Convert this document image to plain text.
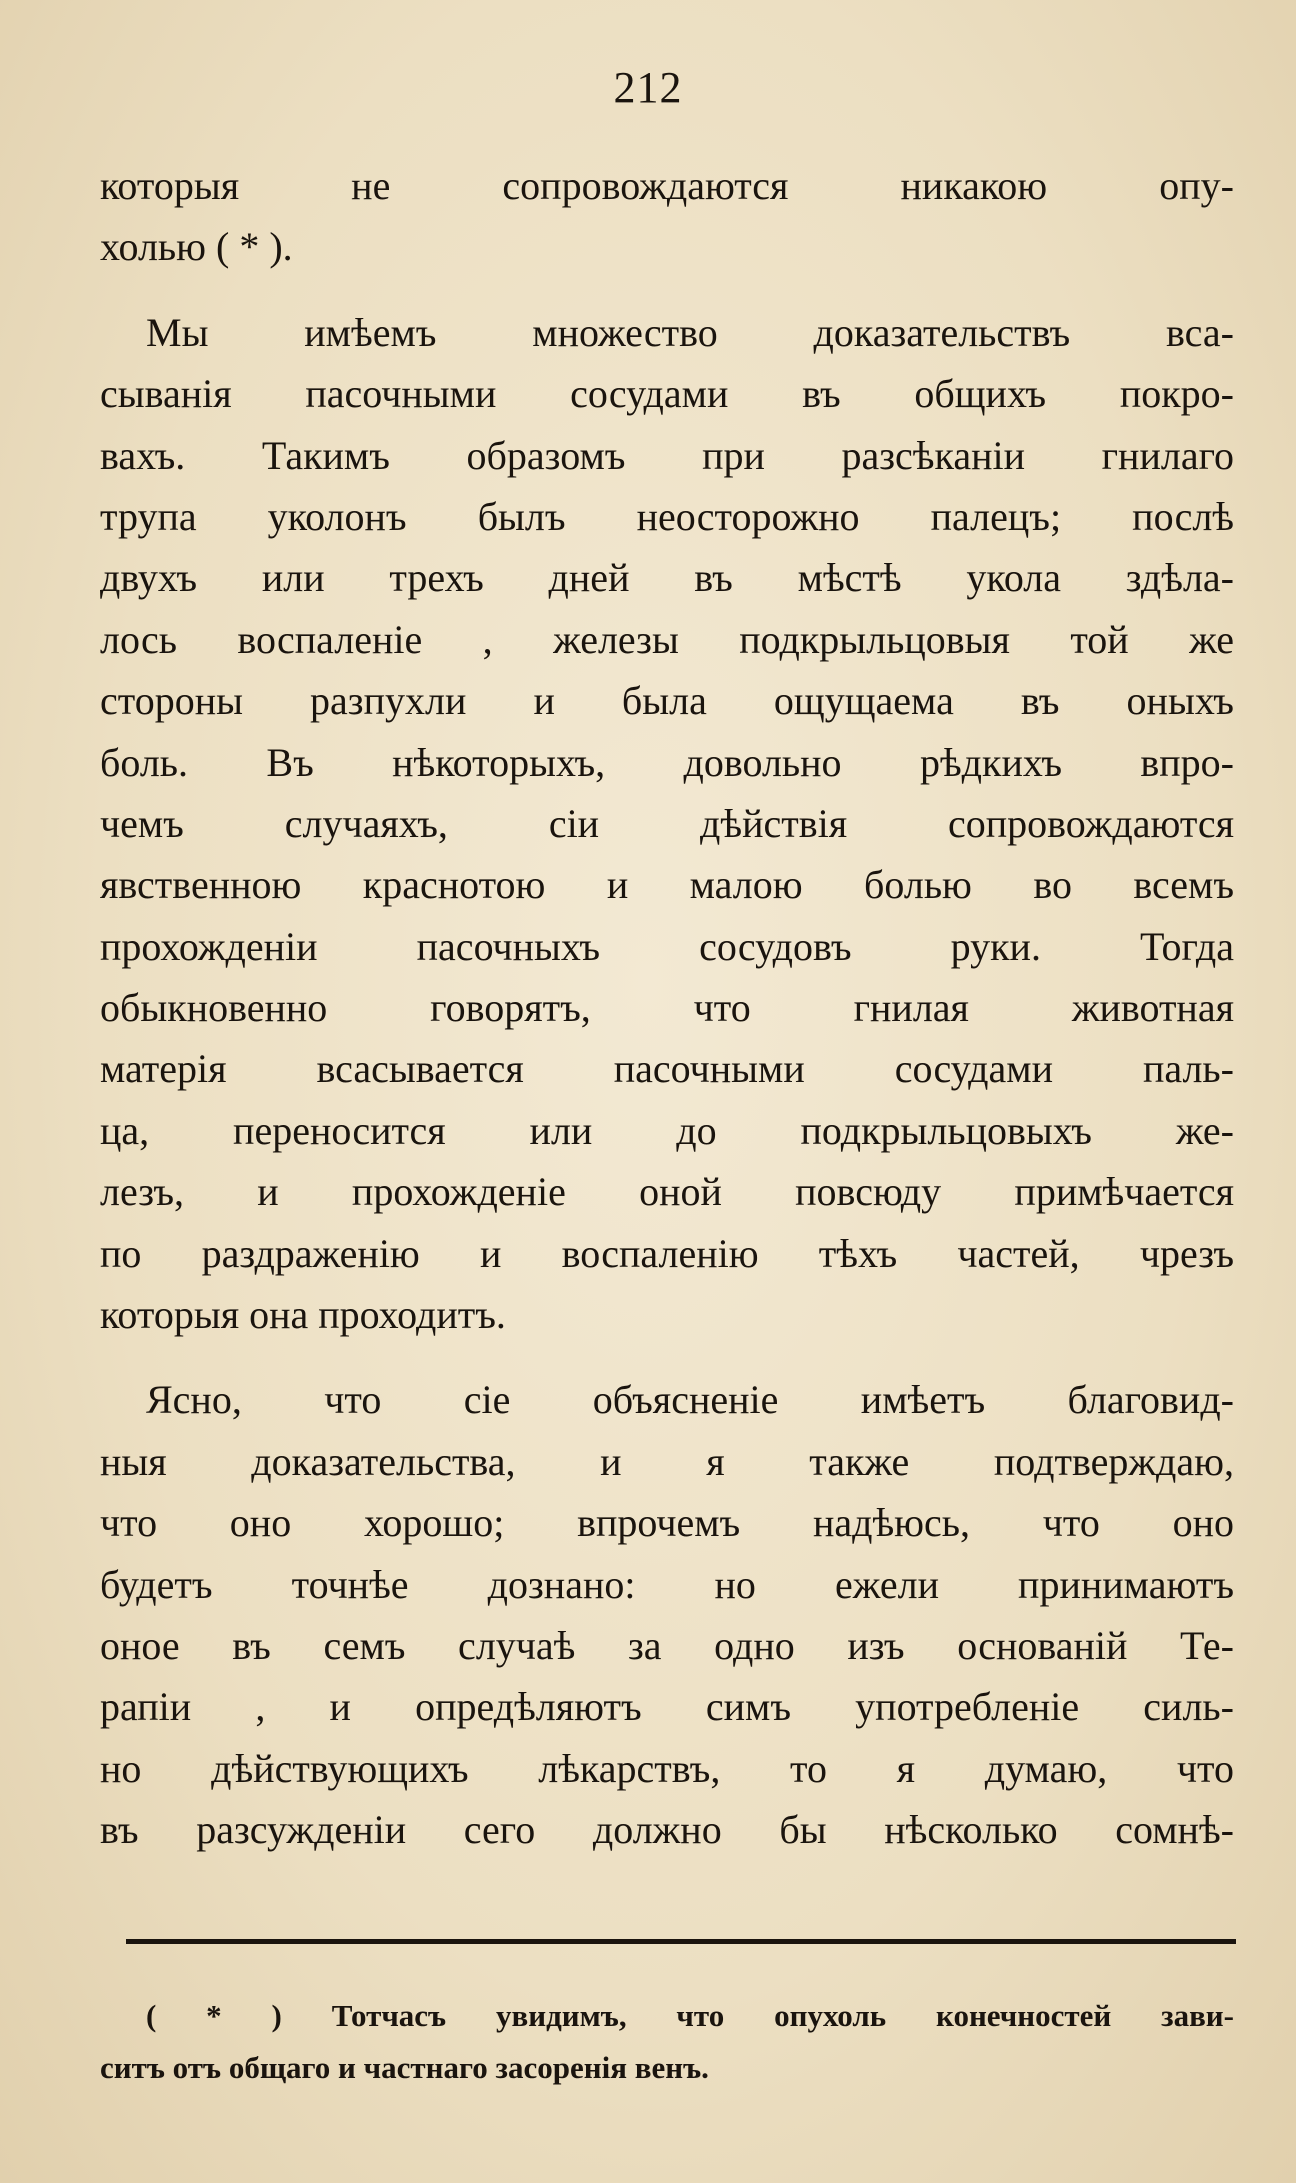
212
которыя не сопровождаются никакою опу-
холью ( * ).
Мы имѣемъ множество доказательствъ вса-
сыванія пасочными сосудами въ общихъ покро-
вахъ. Такимъ образомъ при разсѣканіи гнилаго
трупа уколонъ былъ неосторожно палецъ; послѣ
двухъ или трехъ дней въ мѣстѣ укола здѣла-
лось воспаленіе , железы подкрыльцовыя той же
стороны разпухли и была ощущаема въ оныхъ
боль. Въ нѣкоторыхъ, довольно рѣдкихъ впро-
чемъ случаяхъ, сіи дѣйствія сопровождаются
явственною краснотою и малою болью во всемъ
прохожденіи пасочныхъ сосудовъ руки. Тогда
обыкновенно говорятъ, что гнилая животная
матерія всасывается пасочными сосудами паль-
ца, переносится или до подкрыльцовыхъ же-
лезъ, и прохожденіе оной повсюду примѣчается
по раздраженію и воспаленію тѣхъ частей, чрезъ
которыя она проходитъ.
Ясно, что сіе объясненіе имѣетъ благовид-
ныя доказательства, и я также подтверждаю,
что оно хорошо; впрочемъ надѣюсь, что оно
будетъ точнѣе дознано: но ежели принимаютъ
оное въ семъ случаѣ за одно изъ основаній Те-
рапіи , и опредѣляютъ симъ употребленіе силь-
но дѣйствующихъ лѣкарствъ, то я думаю, что
въ разсужденіи сего должно бы нѣсколько сомнѣ-
( * ) Тотчасъ увидимъ, что опухоль конечностей зави-
ситъ отъ общаго и частнаго засоренія венъ.
